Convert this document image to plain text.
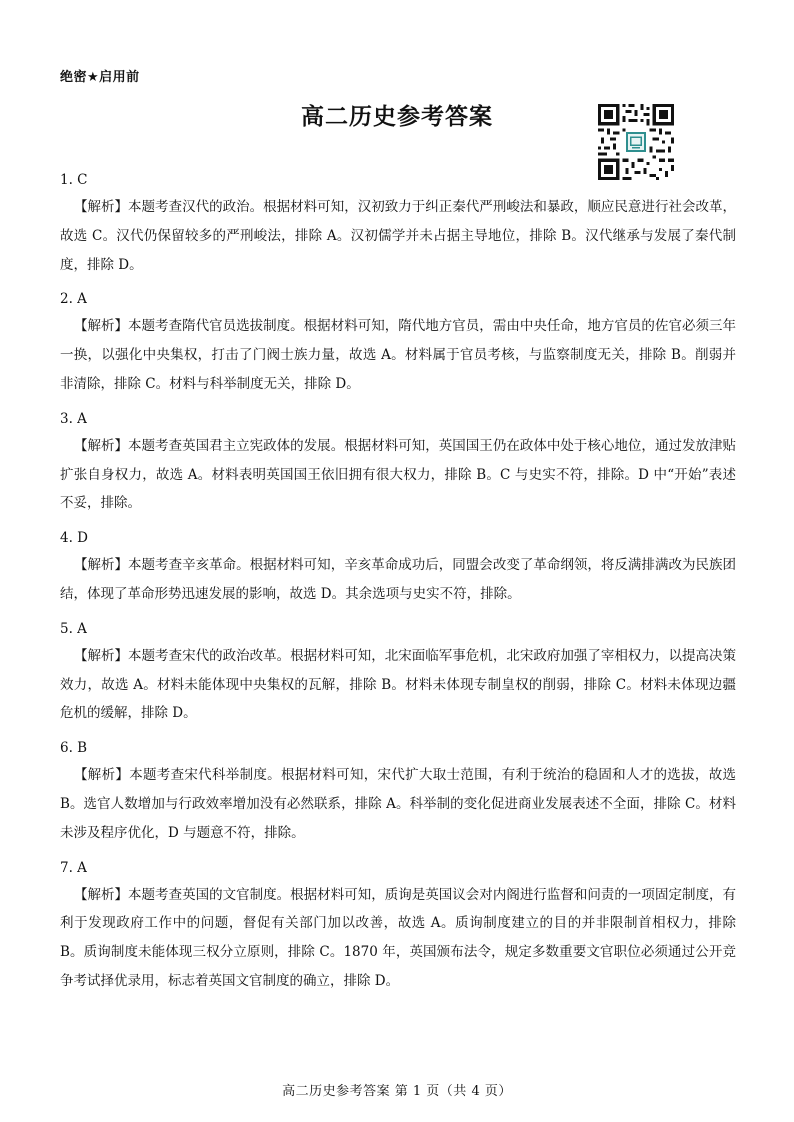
绝密★启用前
高二历史参考答案

1. C

【解析】本题考查汉代的政治。根据材料可知，汉初致力于纠正秦代严刑峻法和暴政，顺应民意进行社会改革，故选 C。汉代仍保留较多的严刑峻法，排除 A。汉初儒学并未占据主导地位，排除 B。汉代继承与发展了秦代制度，排除 D。

2. A

【解析】本题考查隋代官员选拔制度。根据材料可知，隋代地方官员，需由中央任命，地方官员的佐官必须三年一换，以强化中央集权，打击了门阀士族力量，故选 A。材料属于官员考核，与监察制度无关，排除 B。削弱并非清除，排除 C。材料与科举制度无关，排除 D。

3. A

【解析】本题考查英国君主立宪政体的发展。根据材料可知，英国国王仍在政体中处于核心地位，通过发放津贴扩张自身权力，故选 A。材料表明英国国王依旧拥有很大权力，排除 B。C 与史实不符，排除。D 中“开始”表述不妥，排除。

4. D

【解析】本题考查辛亥革命。根据材料可知，辛亥革命成功后，同盟会改变了革命纲领，将反满排满改为民族团结，体现了革命形势迅速发展的影响，故选 D。其余选项与史实不符，排除。

5. A

【解析】本题考查宋代的政治改革。根据材料可知，北宋面临军事危机，北宋政府加强了宰相权力，以提高决策效力，故选 A。材料未能体现中央集权的瓦解，排除 B。材料未体现专制皇权的削弱，排除 C。材料未体现边疆危机的缓解，排除 D。

6. B

【解析】本题考查宋代科举制度。根据材料可知，宋代扩大取士范围，有利于统治的稳固和人才的选拔，故选 B。选官人数增加与行政效率增加没有必然联系，排除 A。科举制的变化促进商业发展表述不全面，排除 C。材料未涉及程序优化，D 与题意不符，排除。

7. A

【解析】本题考查英国的文官制度。根据材料可知，质询是英国议会对内阁进行监督和问责的一项固定制度，有利于发现政府工作中的问题，督促有关部门加以改善，故选 A。质询制度建立的目的并非限制首相权力，排除 B。质询制度未能体现三权分立原则，排除 C。1870 年，英国颁布法令，规定多数重要文官职位必须通过公开竞争考试择优录用，标志着英国文官制度的确立，排除 D。

高二历史参考答案 第 1 页（共 4 页）
